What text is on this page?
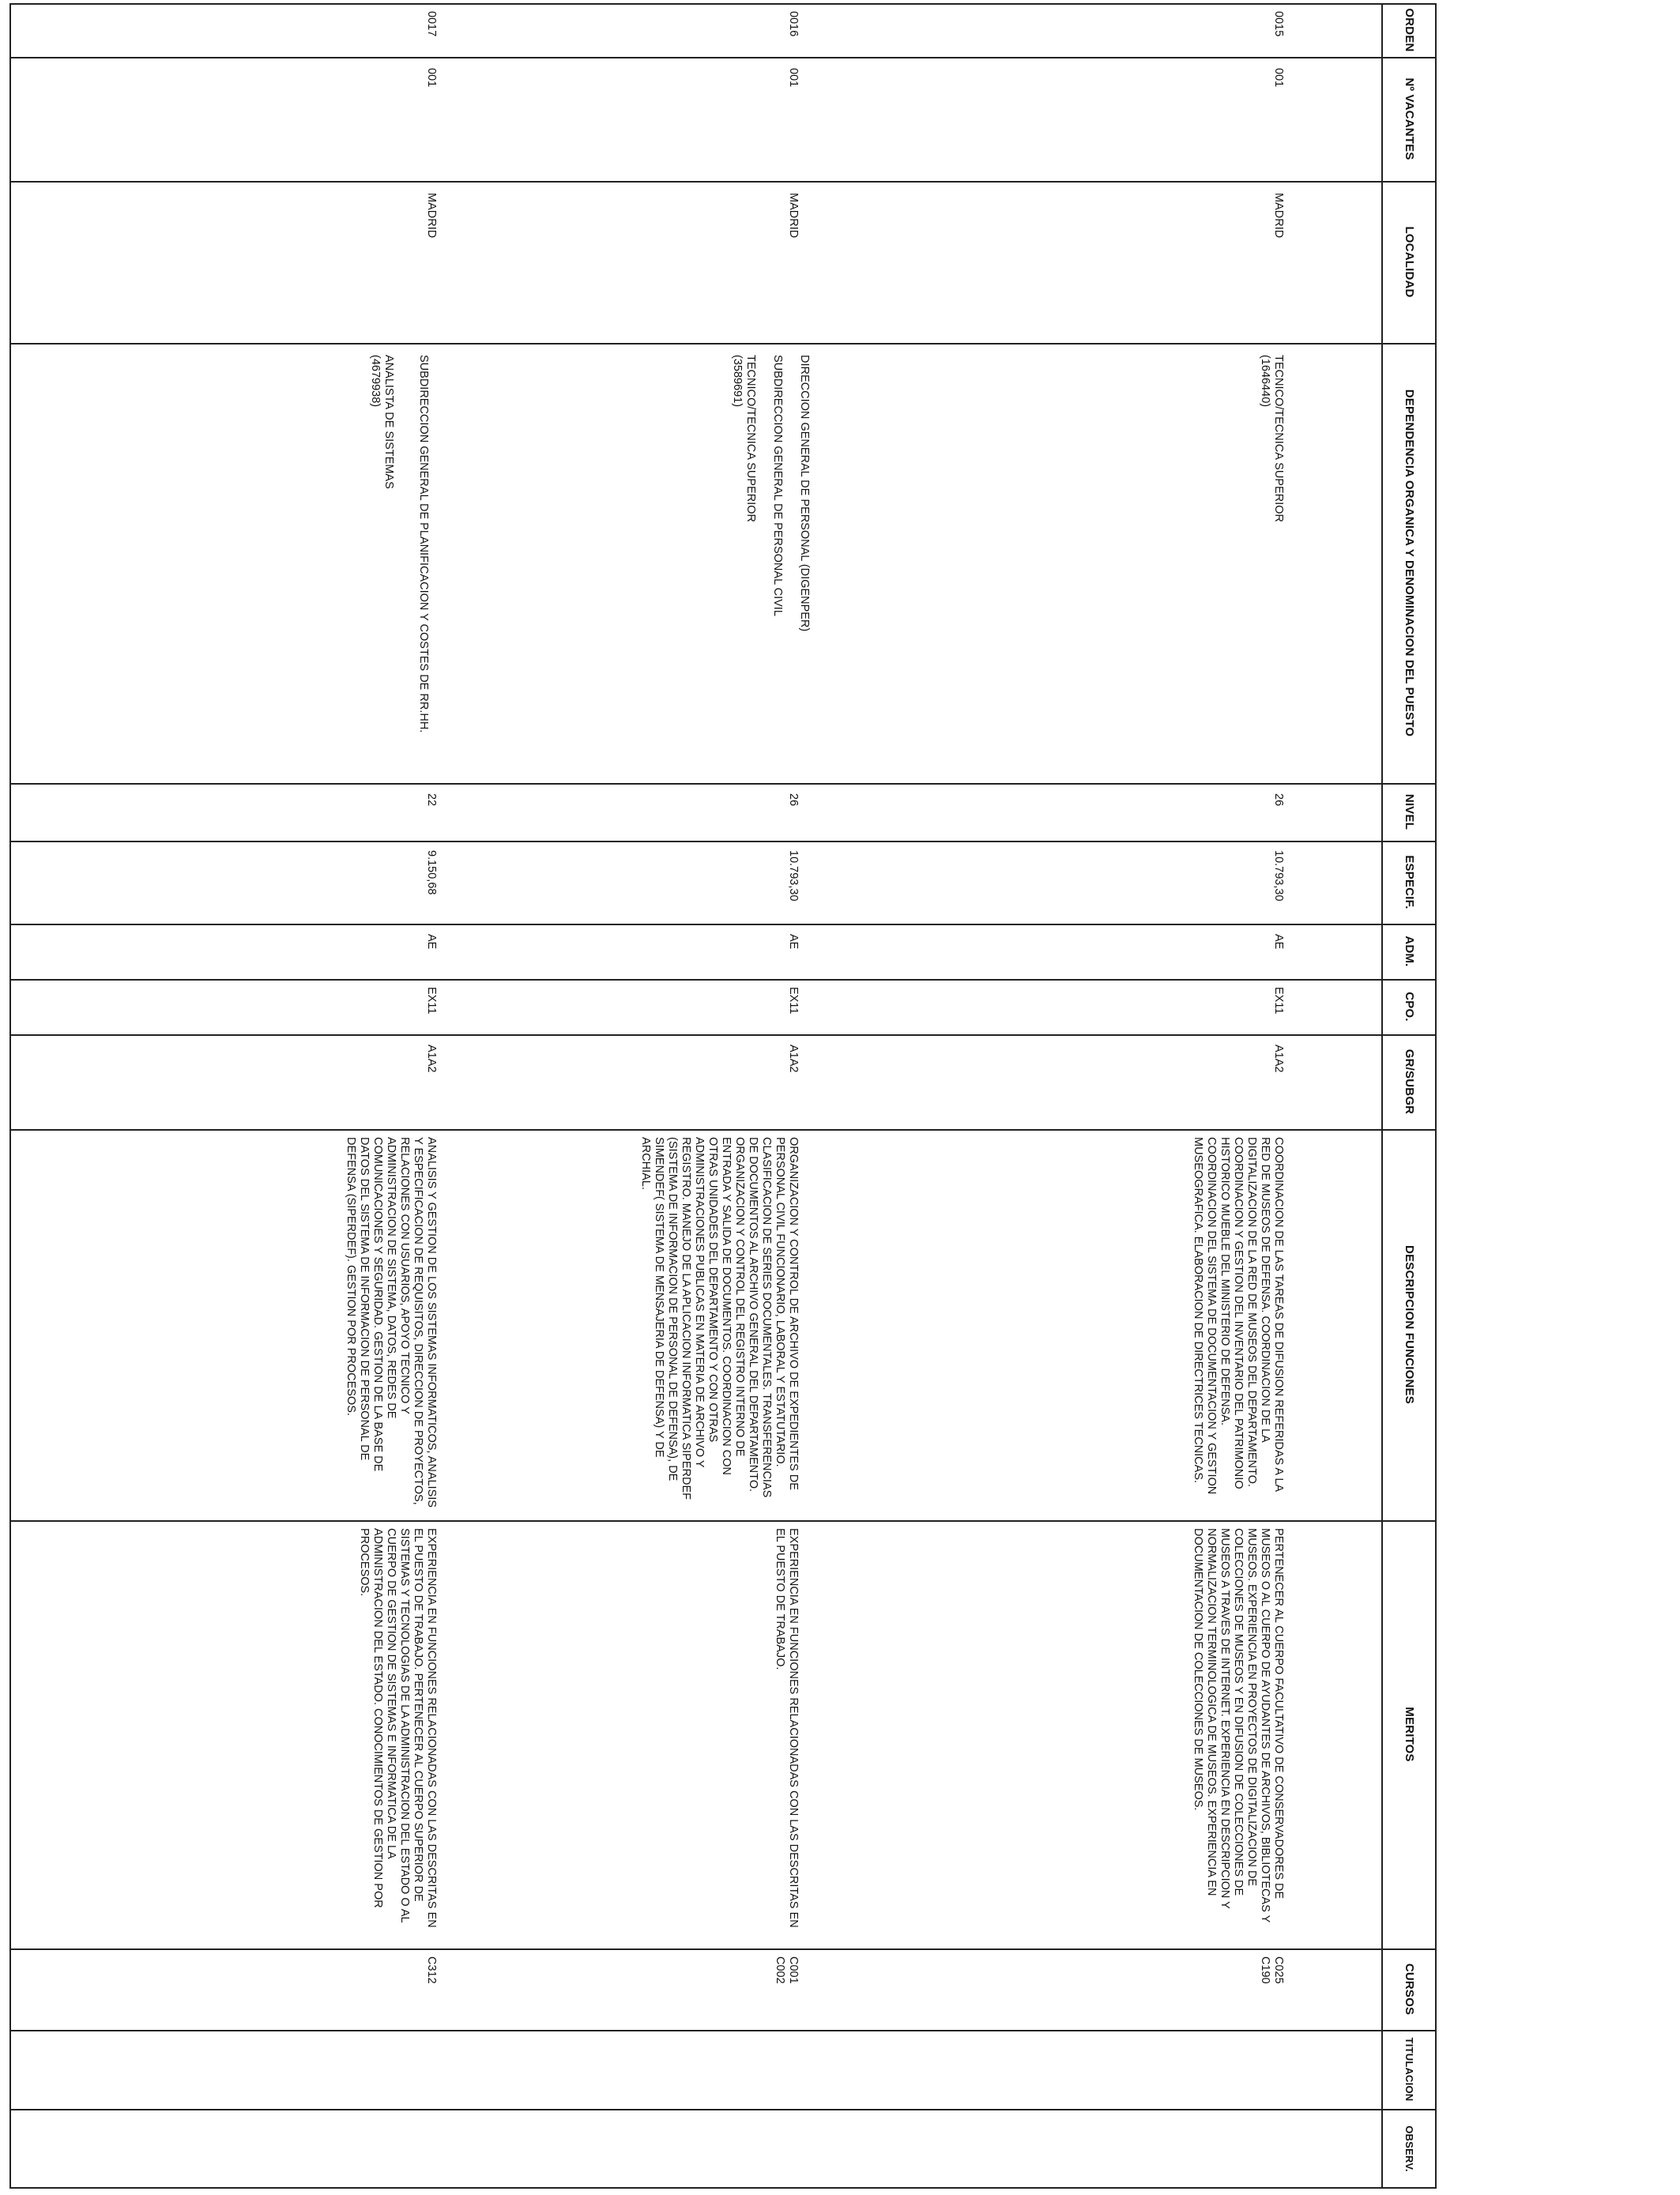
ORDEN
Nº VACANTES
LOCALIDAD
DEPENDENCIA ORGANICA Y DENOMINACION DEL PUESTO
NIVEL
ESPECIF.
ADM.
CPO.
GR/SUBGR
DESCRIPCION FUNCIONES
MERITOS
CURSOS
TITULACION
OBSERV.
0015
001
MADRID
TECNICO/TECNICA SUPERIOR
(1646440)
26
10.793,30
AE
EX11
A1A2
COORDINACION DE LAS TAREAS DE DIFUSION REFERIDAS A LA RED DE MUSEOS DE DEFENSA. COORDINACION DE LA DIGITALIZACION DE LA RED DE MUSEOS DEL DEPARTAMENTO. COORDINACION Y GESTION DEL INVENTARIO DEL PATRIMONIO HISTORICO MUEBLE DEL MINISTERIO DE DEFENSA. COORDINACION DEL SISTEMA DE DOCUMENTACION Y GESTION MUSEOGRAFICA. ELABORACION DE DIRECTRICES TECNICAS.
PERTENECER AL CUERPO FACULTATIVO DE CONSERVADORES DE MUSEOS O AL CUERPO DE AYUDANTES DE ARCHIVOS, BIBLIOTECAS Y MUSEOS. EXPERIENCIA EN PROYECTOS DE DIGITALIZACION DE COLECCIONES DE MUSEOS Y EN DIFUSION DE COLECCIONES DE MUSEOS A TRAVES DE INTERNET. EXPERIENCIA EN DESCRIPCION Y NORMALIZACION TERMINOLOGICA DE MUSEOS. EXPERIENCIA EN DOCUMENTACION DE COLECCIONES DE MUSEOS.
C025
C190
DIRECCION GENERAL DE PERSONAL (DIGENPER)
SUBDIRECCION GENERAL DE PERSONAL CIVIL
0016
001
MADRID
TECNICO/TECNICA SUPERIOR
(3589691)
26
10.793,30
AE
EX11
A1A2
ORGANIZACION Y CONTROL DE ARCHIVO DE EXPEDIENTES DE PERSONAL CIVIL FUNCIONARIO, LABORAL Y ESTATUTARIO. CLASIFICACION DE SERIES DOCUMENTALES. TRANSFERENCIAS DE DOCUMENTOS AL ARCHIVO GENERAL DEL DEPARTAMENTO. ORGANIZACION Y CONTROL DEL REGISTRO INTERNO DE ENTRADA Y SALIDA DE DOCUMENTOS. COORDINACION CON OTRAS UNIDADES DEL DEPARTAMENTO Y CON OTRAS ADMINISTRACIONES PUBLICAS EN MATERIA DE ARCHIVO Y REGISTRO. MANEJO DE LA APLICACION INFORMATICA SIPERDEF (SISTEMA DE INFORMACION DE PERSONAL DE DEFENSA), DE SIMENDEF( SISTEMA DE MENSAJERIA DE DEFENSA) Y DE ARCHIAL.
EXPERIENCIA EN FUNCIONES RELACIONADAS CON LAS DESCRITAS EN EL PUESTO DE TRABAJO.
C001
C002
SUBDIRECCION GENERAL DE PLANIFICACION Y COSTES DE RR.HH.
0017
001
MADRID
ANALISTA DE SISTEMAS
(4679938)
22
9.150,68
AE
EX11
A1A2
ANALISIS Y GESTION DE LOS SISTEMAS INFORMATICOS, ANALISIS Y ESPECIFICACION DE REQUISITOS, DIRECCION DE PROYECTOS, RELACIONES CON USUARIOS, APOYO TECNICO Y ADMINISTRACION DE SISTEMA, DATOS, REDES DE COMUNICACIONES Y SEGURIDAD. GESTION DE LA BASE DE DATOS DEL SISTEMA DE INFORMACION DE PERSONAL DE DEFENSA (SIPERDEF). GESTION POR PROCESOS.
EXPERIENCIA EN FUNCIONES RELACIONADAS CON LAS DESCRITAS EN EL PUESTO DE TRABAJO. PERTENECER AL CUERPO SUPERIOR DE SISTEMAS Y TECNOLOGIAS DE LA ADMINISTRACION DEL ESTADO O AL CUERPO DE GESTION DE SISTEMAS E INFORMATICA DE LA ADMINISTRACION DEL ESTADO. CONOCIMIENTOS DE GESTION POR PROCESOS.
C312
